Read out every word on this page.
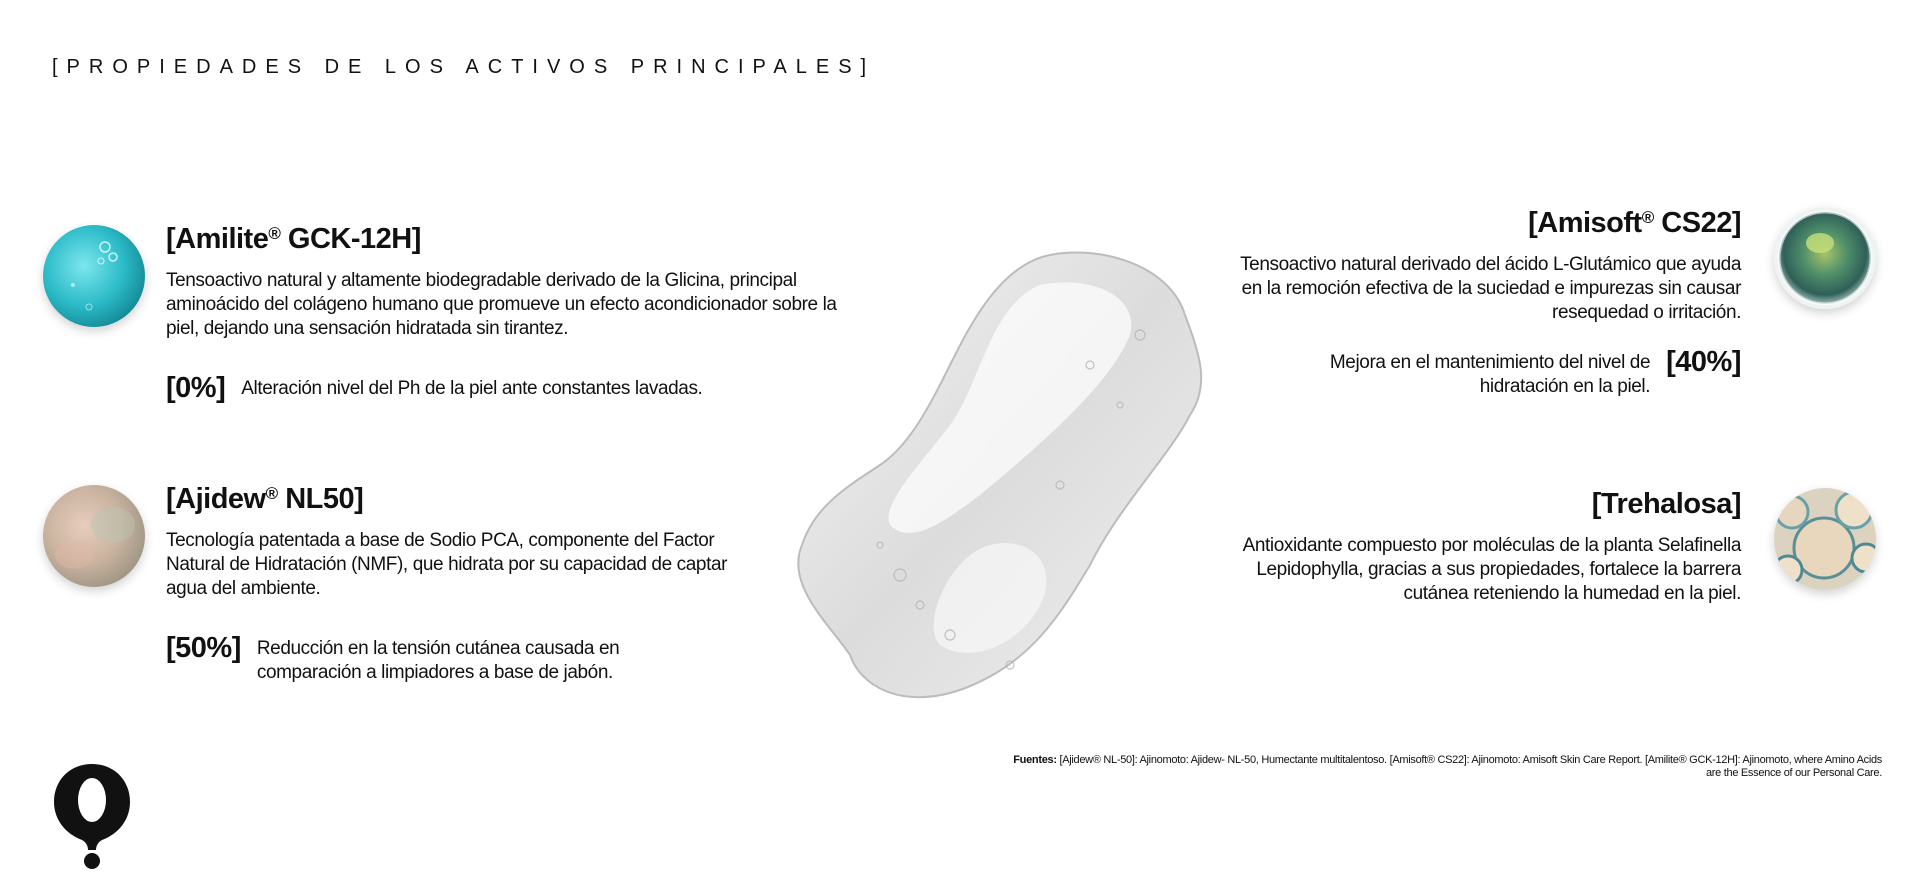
[PROPIEDADES DE LOS ACTIVOS PRINCIPALES]
[Amilite® GCK-12H]
Tensoactivo natural y altamente biodegradable derivado de la Glicina, principal aminoácido del colágeno humano que promueve un efecto acondicionador sobre la piel, dejando una sensación hidratada sin tirantez.
[0%] Alteración nivel del Ph de la piel ante constantes lavadas.
[Ajidew® NL50]
Tecnología patentada a base de Sodio PCA, componente del Factor Natural de Hidratación (NMF), que hidrata por su capacidad de captar agua del ambiente.
[50%] Reducción en la tensión cutánea causada en comparación a limpiadores a base de jabón.
[Amisoft® CS22]
Tensoactivo natural derivado del ácido L-Glutámico que ayuda en la remoción efectiva de la suciedad e impurezas sin causar resequedad o irritación.
Mejora en el mantenimiento del nivel de hidratación en la piel.
[40%]
[Trehalosa]
Antioxidante compuesto por moléculas de la planta Selafinella Lepidophylla, gracias a sus propiedades, fortalece la barrera cutánea reteniendo la humedad en la piel.
Fuentes: [Ajidew® NL-50]: Ajinomoto: Ajidew- NL-50, Humectante multitalentoso. [Amisoft® CS22]: Ajinomoto: Amisoft Skin Care Report. [Amilite® GCK-12H]: Ajinomoto, where Amino Acids are the Essence of our Personal Care.
